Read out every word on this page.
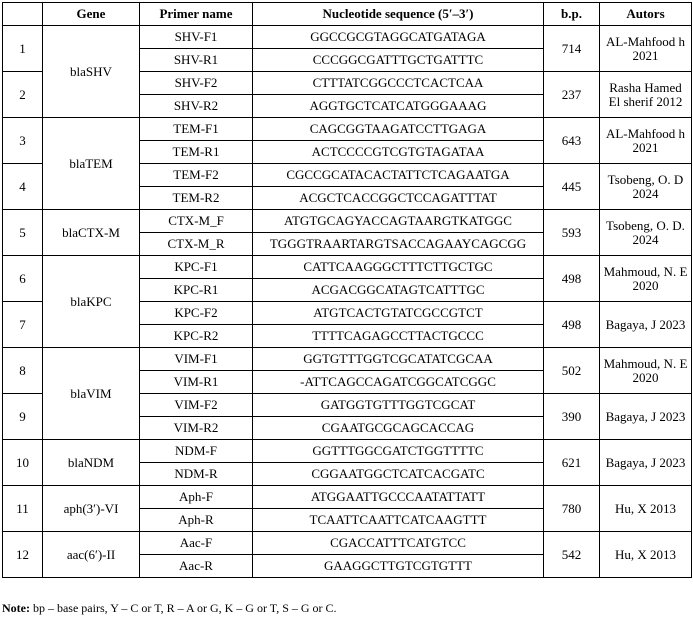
	Gene	Primer name	Nucleotide sequence (5′–3′)	b.p.	Autors
1	blaSHV	SHV-F1	GGCCGCGTAGGCATGATAGA	714	AL-Mahfood h 2021
		SHV-R1	CCCGGCGATTTGCTGATTTC		
2		SHV-F2	CTTTATCGGCCCTCACTCAA	237	Rasha Hamed El sherif 2012
		SHV-R2	AGGTGCTCATCATGGGAAAG		
3	blaTEM	TEM-F1	CAGCGGTAAGATCCTTGAGA	643	AL-Mahfood h 2021
		TEM-R1	ACTCCCCGTCGTGTAGATAA		
4		TEM-F2	CGCCGCATACACTATTCTCAGAATGA	445	Tsobeng, O. D 2024
		TEM-R2	ACGCTCACCGGCTCCAGATTTAT		
5	blaCTX-M	CTX-M_F	ATGTGCAGYACCAGTAARGTKATGGC	593	Tsobeng, O. D. 2024
		CTX-M_R	TGGGTRAARTARGTSACCAGAAYCAGCGG		
6	blaKPC	KPC-F1	CATTCAAGGGCTTTCTTGCTGC	498	Mahmoud, N. E 2020
		KPC-R1	ACGACGGCATAGTCATTTGC		
7		KPC-F2	ATGTCACTGTATCGCCGTCT	498	Bagaya, J 2023
		KPC-R2	TTTTCAGAGCCTTACTGCCC		
8	blaVIM	VIM-F1	GGTGTTTGGTCGCATATCGCAA	502	Mahmoud, N. E 2020
		VIM-R1	-ATTCAGCCAGATCGGCATCGGC		
9		VIM-F2	GATGGTGTTTGGTCGCAT	390	Bagaya, J 2023
		VIM-R2	CGAATGCGCAGCACCAG		
10	blaNDM	NDM-F	GGTTTGGCGATCTGGTTTTC	621	Bagaya, J 2023
		NDM-R	CGGAATGGCTCATCACGATC		
11	aph(3′)-VI	Aph-F	ATGGAATTGCCCAATATTATT	780	Hu, X 2013
		Aph-R	TCAATTCAATTCATCAAGTTT		
12	aac(6′)-II	Aac-F	CGACCATTTCATGTCC	542	Hu, X 2013
		Aac-R	GAAGGCTTGTCGTGTTT		
Note: bp – base pairs, Y – C or T, R – A or G, K – G or T, S – G or C.
